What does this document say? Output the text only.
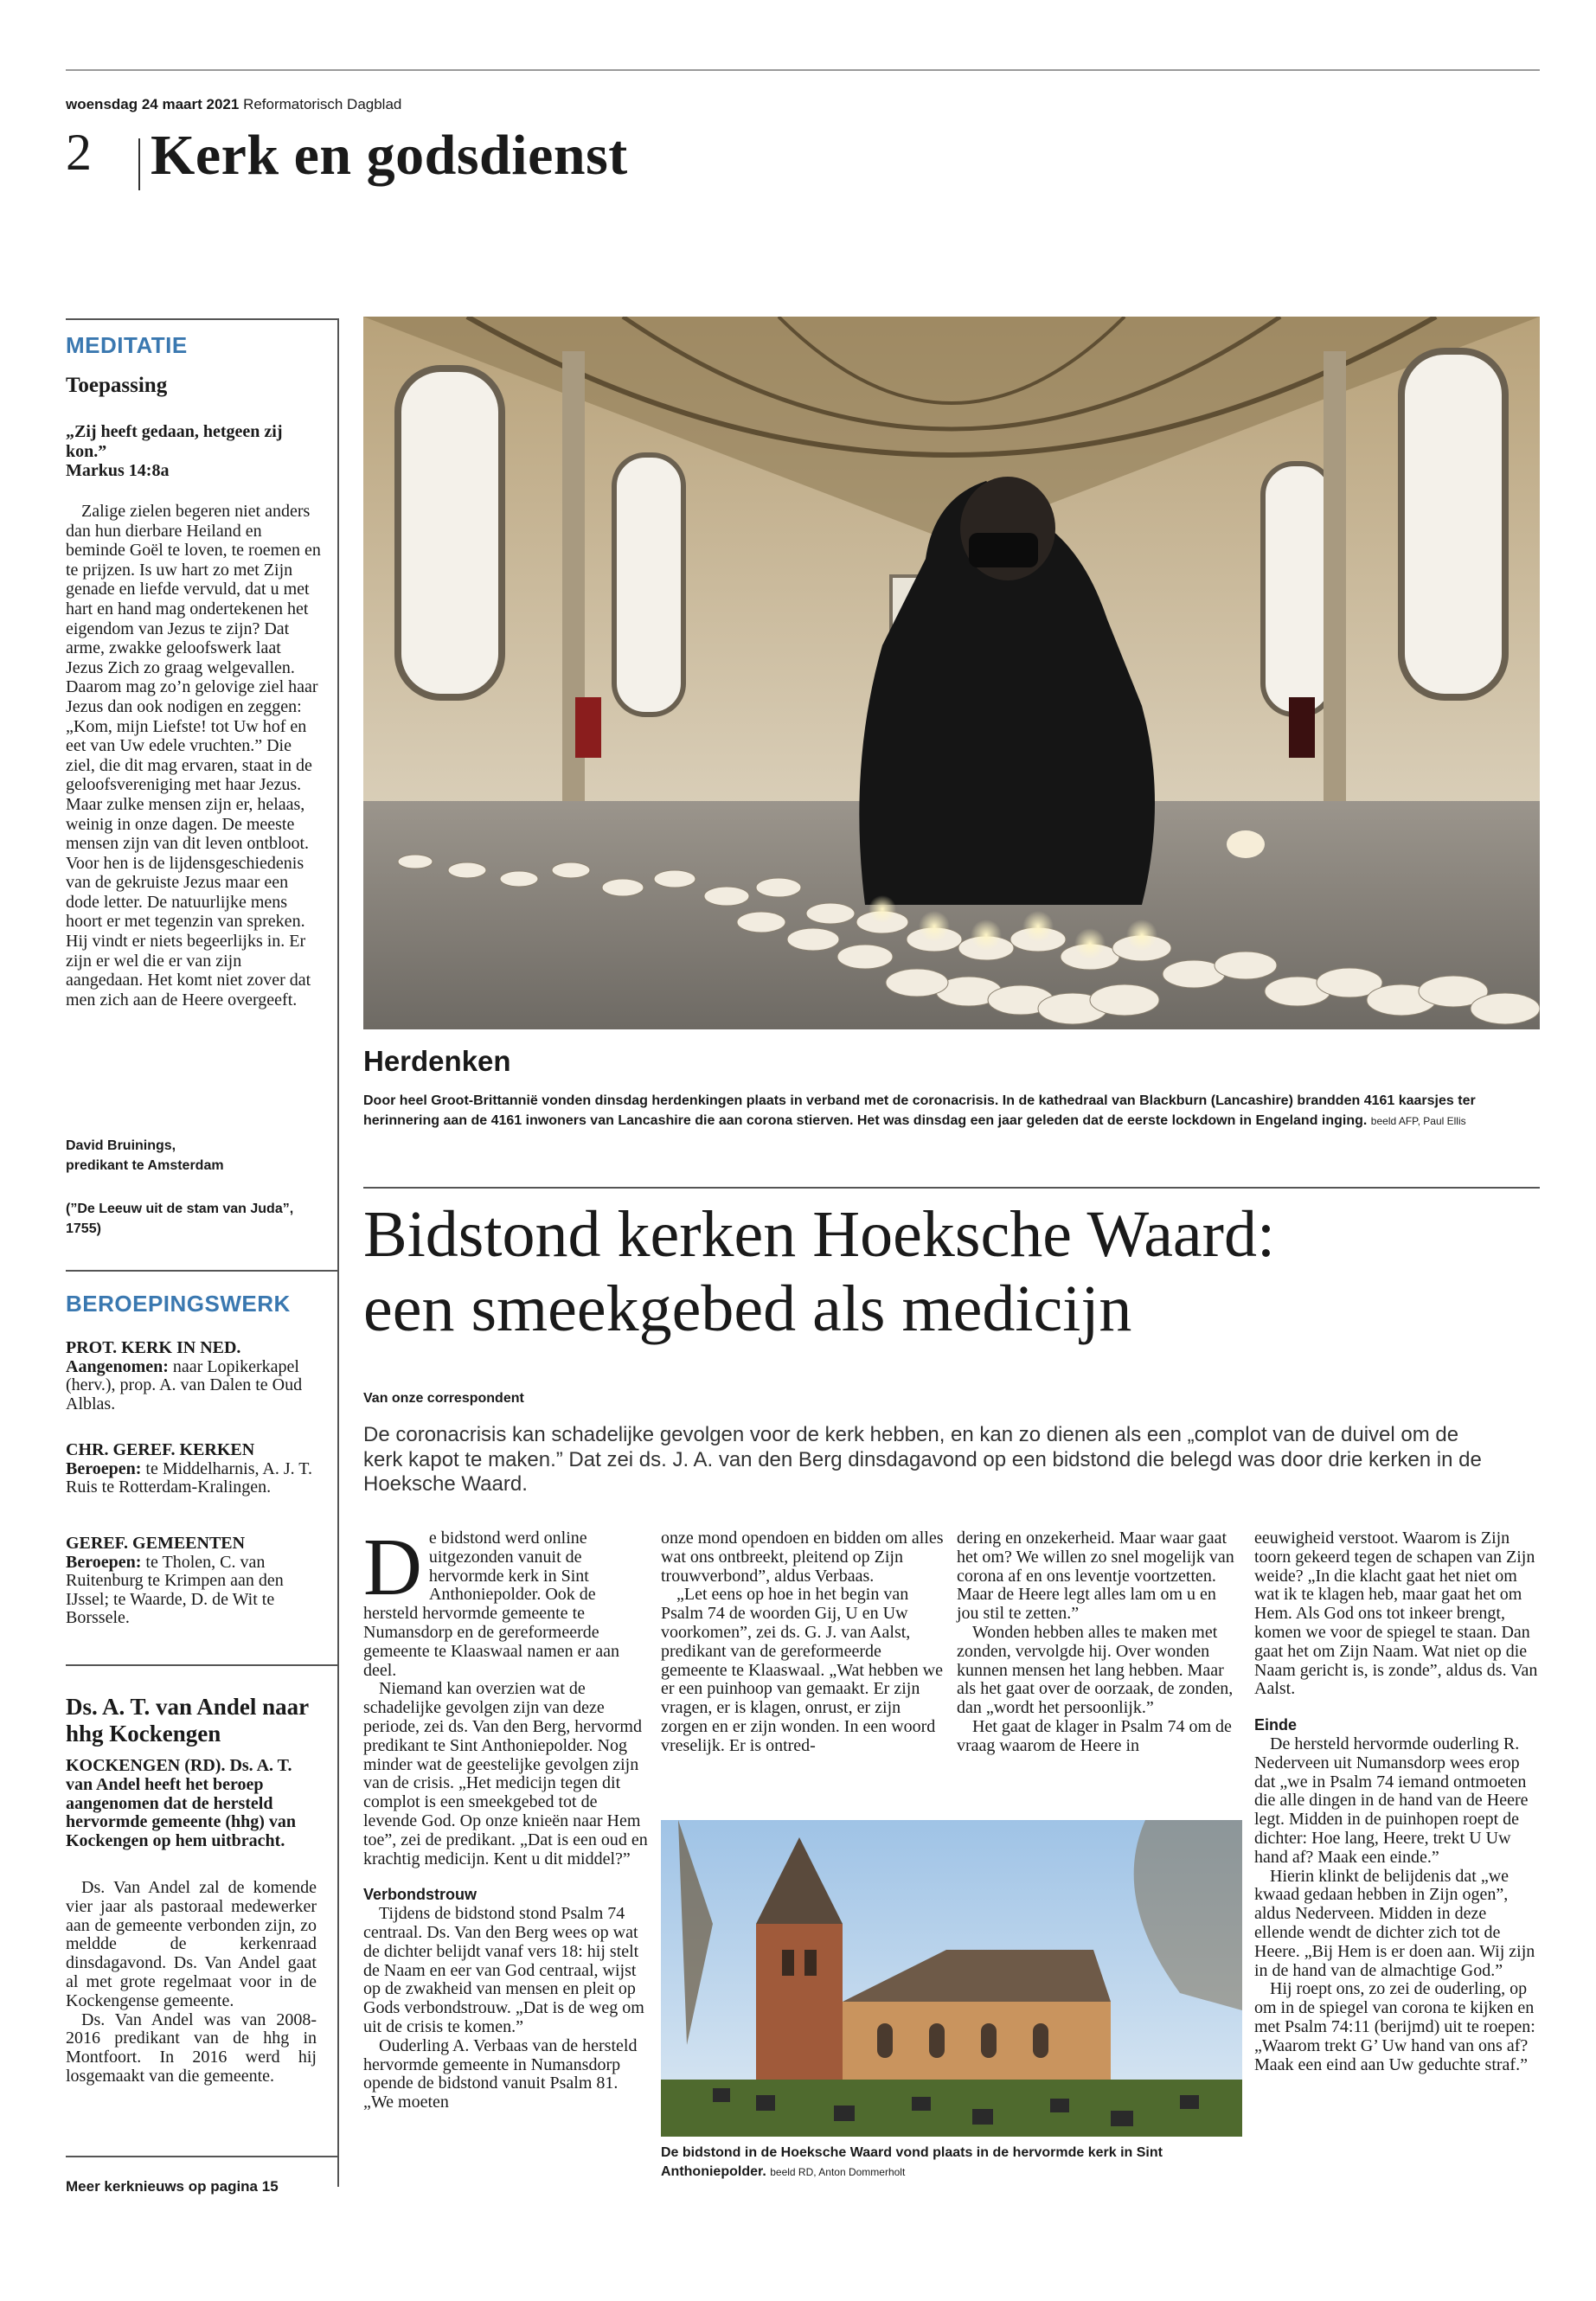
woensdag 24 maart 2021 Reformatorisch Dagblad
2 Kerk en godsdienst
MEDITATIE
Toepassing
„Zij heeft gedaan, hetgeen zij kon.”
Markus 14:8a

Zalige zielen begeren niet anders dan hun dierbare Heiland en beminde Goël te loven, te roemen en te prijzen. Is uw hart zo met Zijn genade en liefde vervuld, dat u met hart en hand mag ondertekenen het eigendom van Jezus te zijn? Dat arme, zwakke geloofswerk laat Jezus Zich zo graag welgevallen. Daarom mag zo’n gelovige ziel haar Jezus dan ook nodigen en zeggen: „Kom, mijn Liefste! tot Uw hof en eet van Uw edele vruchten.” Die ziel, die dit mag ervaren, staat in de geloofsvereniging met haar Jezus. Maar zulke mensen zijn er, helaas, weinig in onze dagen. De meeste mensen zijn van dit leven ontbloot. Voor hen is de lijdensgeschiedenis van de gekruiste Jezus maar een dode letter. De natuurlijke mens hoort er met tegenzin van spreken. Hij vindt er niets begeerlijks in. Er zijn er wel die er van zijn aangedaan. Het komt niet zover dat men zich aan de Heere overgeeft.

David Bruinings,
predikant te Amsterdam
(”De Leeuw uit de stam van Juda”, 1755)
BEROEPINGSWERK
PROT. KERK IN NED.
Aangenomen: naar Lopikerkapel (herv.), prop. A. van Dalen te Oud Alblas.
CHR. GEREF. KERKEN
Beroepen: te Middelharnis, A. J. T. Ruis te Rotterdam-Kralingen.
GEREF. GEMEENTEN
Beroepen: te Tholen, C. van Ruitenburg te Krimpen aan den IJssel; te Waarde, D. de Wit te Borssele.
Ds. A. T. van Andel naar hhg Kockengen
KOCKENGEN (RD). Ds. A. T. van Andel heeft het beroep aangenomen dat de hersteld hervormde gemeente (hhg) van Kockengen op hem uitbracht.

Ds. Van Andel zal de komende vier jaar als pastoraal medewerker aan de gemeente verbonden zijn, zo meldde de kerkenraad dinsdagavond. Ds. Van Andel gaat al met grote regelmaat voor in de Kockengense gemeente.

Ds. Van Andel was van 2008-2016 predikant van de hhg in Montfoort. In 2016 werd hij losgemaakt van die gemeente.

Meer kerknieuws op pagina 15
Herdenken
Door heel Groot-Brittannië vonden dinsdag herdenkingen plaats in verband met de coronacrisis. In de kathedraal van Blackburn (Lancashire) brandden 4161 kaarsjes ter herinnering aan de 4161 inwoners van Lancashire die aan corona stierven. Het was dinsdag een jaar geleden dat de eerste lockdown in Engeland inging. beeld AFP, Paul Ellis
Bidstond kerken Hoeksche Waard:
een smeekgebed als medicijn
Van onze correspondent
De coronacrisis kan schadelijke gevolgen voor de kerk hebben, en kan zo dienen als een „complot van de duivel om de kerk kapot te maken.” Dat zei ds. J. A. van den Berg dinsdagavond op een bidstond die belegd was door drie kerken in de Hoeksche Waard.

De bidstond werd online uitgezonden vanuit de hervormde kerk in Sint Anthoniepolder. Ook de hersteld hervormde gemeente te Numansdorp en de gereformeerde gemeente te Klaaswaal namen er aan deel.

Niemand kan overzien wat de schadelijke gevolgen zijn van deze periode, zei ds. Van den Berg, hervormd predikant te Sint Anthoniepolder. Nog minder wat de geestelijke gevolgen zijn van de crisis. „Het medicijn tegen dit complot is een smeekgebed tot de levende God. Op onze knieën naar Hem toe”, zei de predikant. „Dat is een oud en krachtig medicijn. Kent u dit middel?”

Verbondstrouw

Tijdens de bidstond stond Psalm 74 centraal. Ds. Van den Berg wees op wat de dichter belijdt vanaf vers 18: hij stelt de Naam en eer van God centraal, wijst op de zwakheid van mensen en pleit op Gods verbondstrouw. „Dat is de weg om uit de crisis te komen.”

Ouderling A. Verbaas van de hersteld hervormde gemeente in Numansdorp opende de bidstond vanuit Psalm 81. „We moeten

onze mond opendoen en bidden om alles wat ons ontbreekt, pleitend op Zijn trouwverbond”, aldus Verbaas.

„Let eens op hoe in het begin van Psalm 74 de woorden Gij, U en Uw voorkomen”, zei ds. G. J. van Aalst, predikant van de gereformeerde gemeente te Klaaswaal. „Wat hebben we er een puinhoop van gemaakt. Er zijn vragen, er is klagen, onrust, er zijn zorgen en er zijn wonden. In een woord vreselijk. Er is ontred-

dering en onzekerheid. Maar waar gaat het om? We willen zo snel mogelijk van corona af en ons leventje voortzetten. Maar de Heere legt alles lam om u en jou stil te zetten.”

Wonden hebben alles te maken met zonden, vervolgde hij. Over wonden kunnen mensen het lang hebben. Maar als het gaat over de oorzaak, de zonden, dan „wordt het persoonlijk.”

Het gaat de klager in Psalm 74 om de vraag waarom de Heere in

eeuwigheid verstoot. Waarom is Zijn toorn gekeerd tegen de schapen van Zijn weide? „In die klacht gaat het niet om wat ik te klagen heb, maar gaat het om Hem. Als God ons tot inkeer brengt, komen we voor de spiegel te staan. Dan gaat het om Zijn Naam. Wat niet op die Naam gericht is, is zonde”, aldus ds. Van Aalst.

Einde

De hersteld hervormde ouderling R. Nederveen uit Numansdorp wees erop dat „we in Psalm 74 iemand ontmoeten die alle dingen in de hand van de Heere legt. Midden in de puinhopen roept de dichter: Hoe lang, Heere, trekt U Uw hand af? Maak een einde.”

Hierin klinkt de belijdenis dat „we kwaad gedaan hebben in Zijn ogen”, aldus Nederveen. Midden in deze ellende wendt de dichter zich tot de Heere. „Bij Hem is er doen aan. Wij zijn in de hand van de almachtige God.”

Hij roept ons, zo zei de ouderling, op om in de spiegel van corona te kijken en met Psalm 74:11 (berijmd) uit te roepen: „Waarom trekt G’ Uw hand van ons af? Maak een eind aan Uw geduchte straf.”

De bidstond in de Hoeksche Waard vond plaats in de hervormde kerk in Sint Anthoniepolder. beeld RD, Anton Dommerholt
